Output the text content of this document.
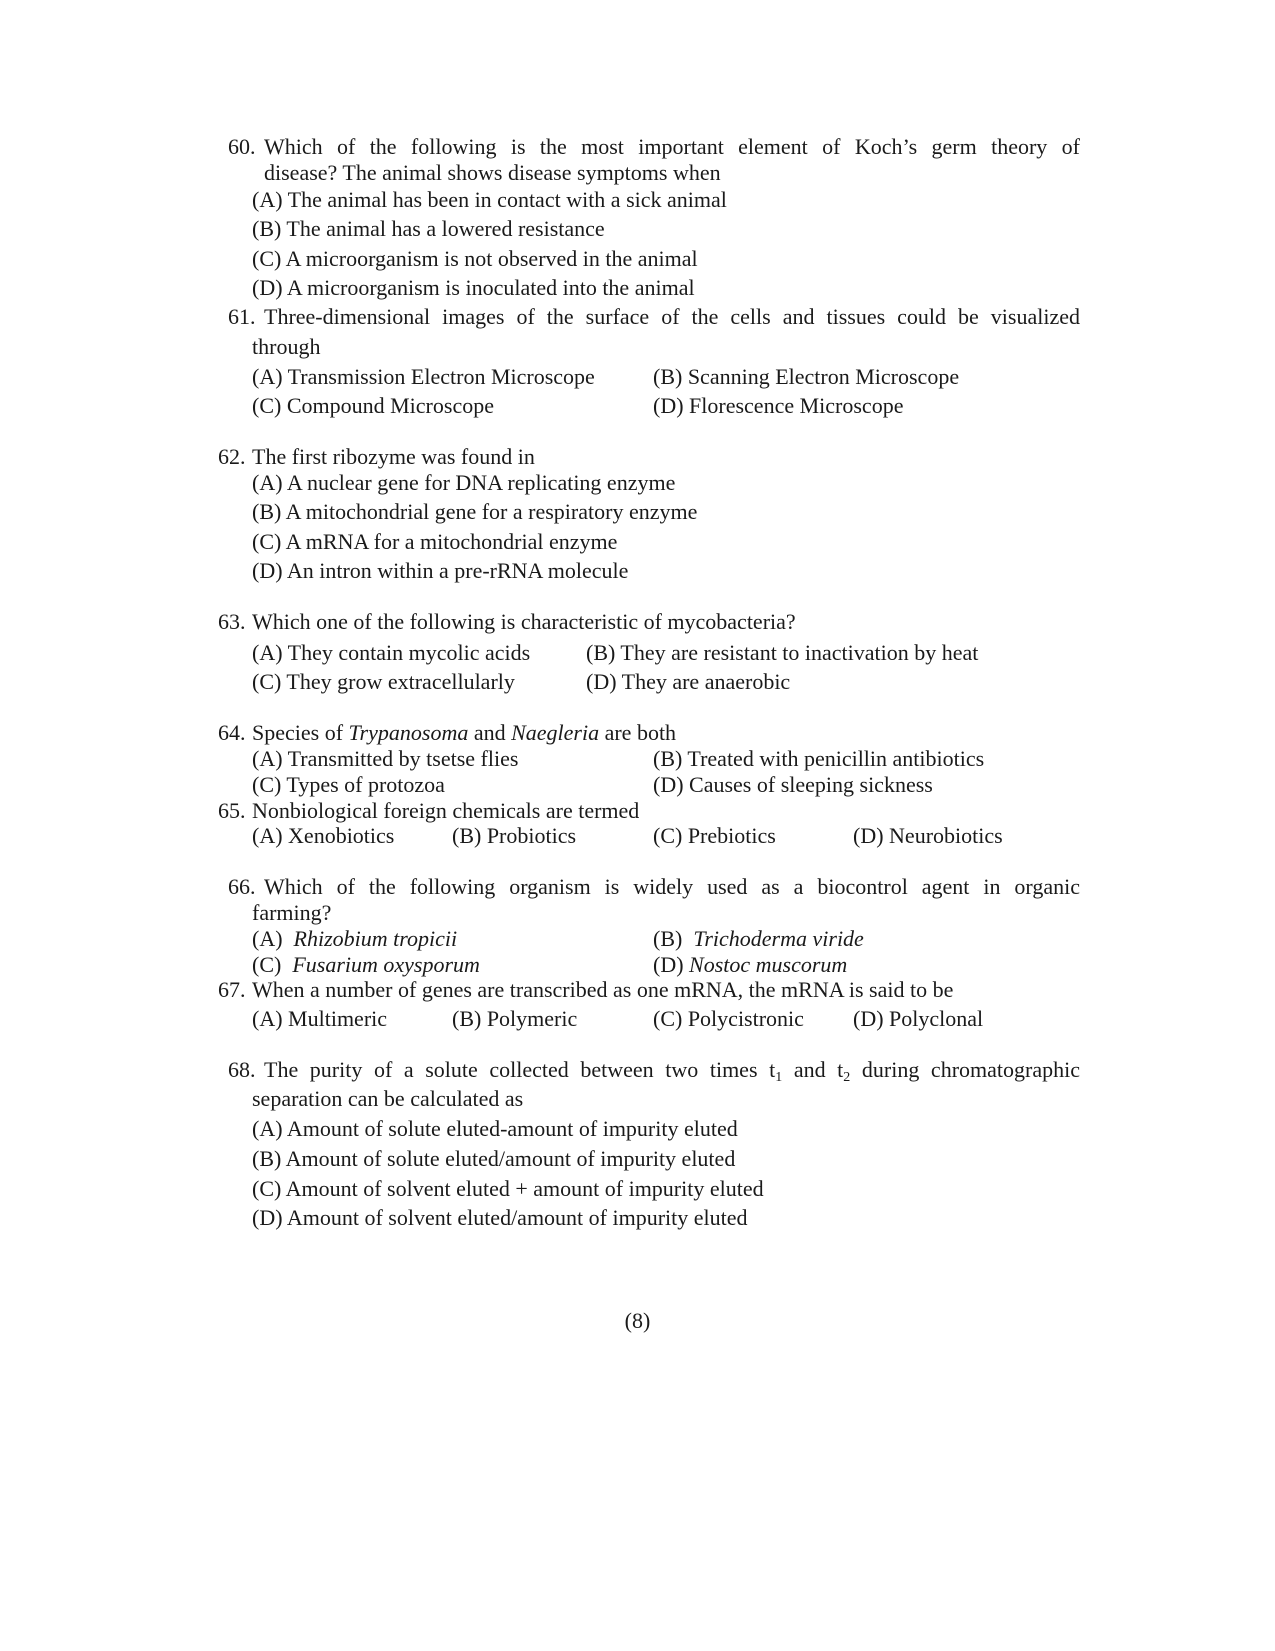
60. Which of the following is the most important element of Koch’s germ theory of
disease? The animal shows disease symptoms when
(A) The animal has been in contact with a sick animal
(B) The animal has a lowered resistance
(C) A microorganism is not observed in the animal
(D) A microorganism is inoculated into the animal
61. Three-dimensional images of the surface of the cells and tissues could be visualized
through
(A) Transmission Electron Microscope	(B) Scanning Electron Microscope
(C) Compound Microscope	(D) Florescence Microscope
62. The first ribozyme was found in
(A) A nuclear gene for DNA replicating enzyme
(B) A mitochondrial gene for a respiratory enzyme
(C) A mRNA for a mitochondrial enzyme
(D) An intron within a pre-rRNA molecule
63. Which one of the following is characteristic of mycobacteria?
(A) They contain mycolic acids	(B) They are resistant to inactivation by heat
(C) They grow extracellularly	(D) They are anaerobic
64. Species of Trypanosoma and Naegleria are both
(A) Transmitted by tsetse flies	(B) Treated with penicillin antibiotics
(C) Types of protozoa	(D) Causes of sleeping sickness
65. Nonbiological foreign chemicals are termed
(A) Xenobiotics	(B) Probiotics	(C) Prebiotics	(D) Neurobiotics
66. Which of the following organism is widely used as a biocontrol agent in organic
farming?
(A) Rhizobium tropicii	(B) Trichoderma viride
(C) Fusarium oxysporum	(D) Nostoc muscorum
67. When a number of genes are transcribed as one mRNA, the mRNA is said to be
(A) Multimeric	(B) Polymeric	(C) Polycistronic (D) Polyclonal
68. The purity of a solute collected between two times $t_1$ and $t_2$ during chromatographic
separation can be calculated as
(A) Amount of solute eluted-amount of impurity eluted
(B) Amount of solute eluted/amount of impurity eluted
(C) Amount of solvent eluted + amount of impurity eluted
(D) Amount of solvent eluted/amount of impurity eluted
(8)
